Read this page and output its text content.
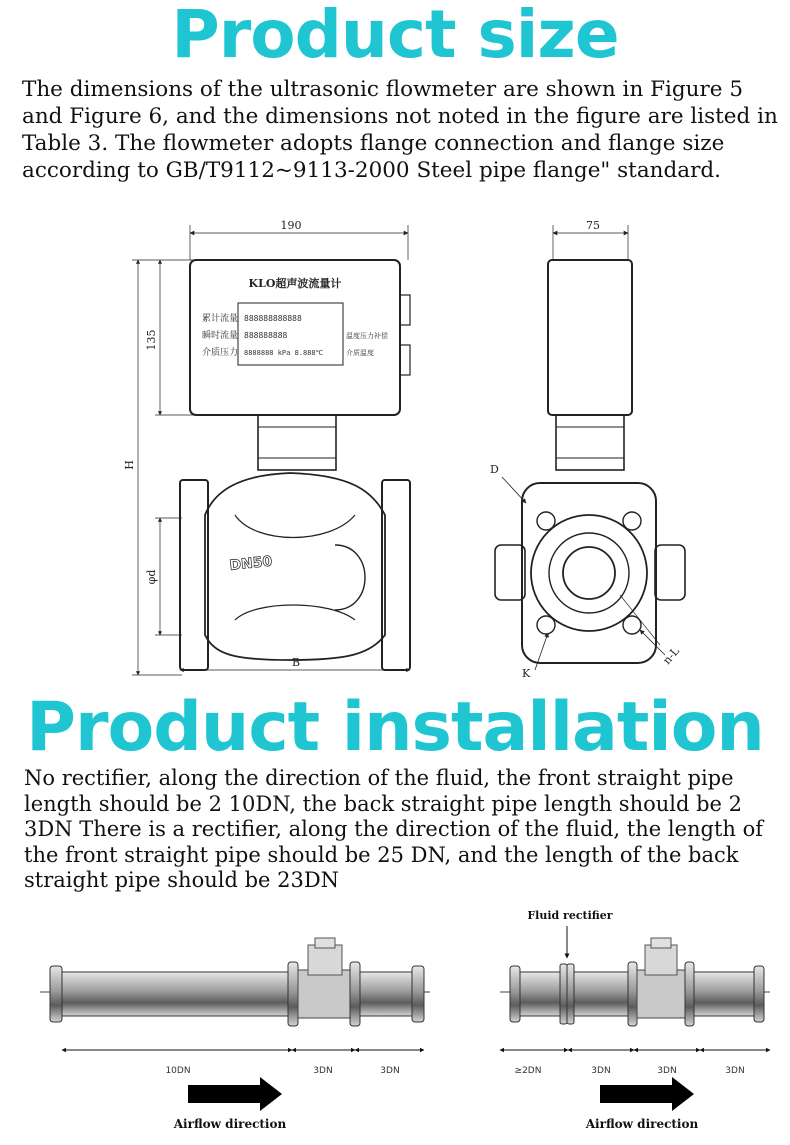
Product size
The dimensions of the ultrasonic flowmeter are shown in Figure 5 and Figure 6, and the dimensions not noted in the figure are listed in Table 3. The flowmeter adopts flange connection and flange size according to GB/T9112~9113-2000 Steel pipe flange" standard.
190
135
H
φd
B
KLO超声波流量计
累计流量 888888888888
瞬时流量 888888888	温度压力补偿
介质压力 8888888 kPa 8.888℃	介质温度
DN50
75
D
K
n-L
Product installation
No rectifier, along the direction of the fluid, the front straight pipe length should be 2 10DN, the back straight pipe length should be 2 3DN There is a rectifier, along the direction of the fluid, the length of the front straight pipe should be 25 DN, and the length of the back straight pipe should be 23DN
10DN	3DN	3DN
Airflow direction
Fluid rectifier
≥2DN	3DN	3DN	3DN
Airflow direction
